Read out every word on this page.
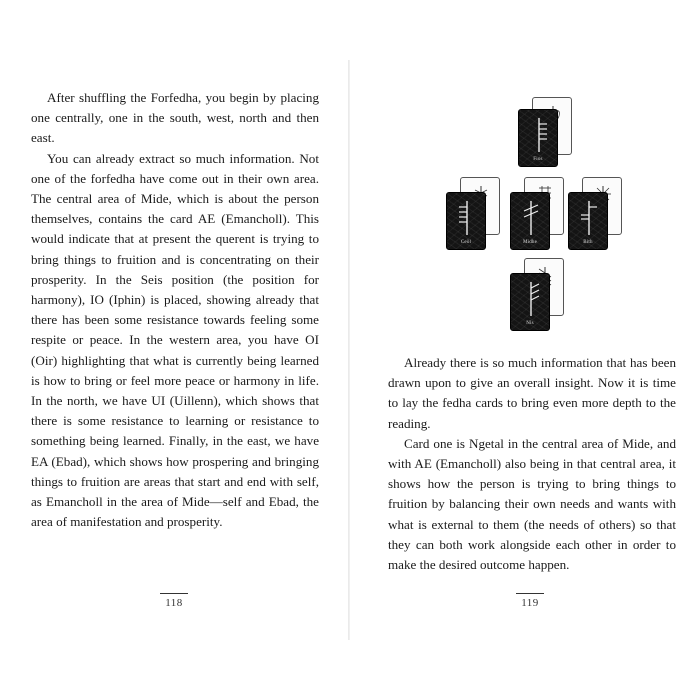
After shuffling the Forfedha, you begin by placing one centrally, one in the south, west, north and then east.

You can already extract so much information. Not one of the forfedha have come out in their own area. The central area of Mide, which is about the person themselves, contains the card AE (Emancholl). This would indicate that at present the querent is trying to bring things to fruition and is concentrating on their prosperity. In the Seis position (the position for harmony), IO (Iphin) is placed, showing already that there has been some resistance towards feeling some respite or peace. In the western area, you have OI (Oir) highlighting that what is currently being learned is how to bring or feel more peace or harmony in life. In the north, we have UI (Uillenn), which shows that there is some resistance to learning or resistance to something being learned. Finally, in the east, we have EA (Ebad), which shows how prospering and bringing things to fruition are areas that start and end with self, as Emancholl in the area of Mide—self and Ebad, the area of manifestation and prosperity.

118
Fios
Ceòl	Mìdhe	Bith
Nìs

Already there is so much information that has been drawn upon to give an overall insight. Now it is time to lay the fedha cards to bring even more depth to the reading.

Card one is Ngetal in the central area of Mide, and with AE (Emancholl) also being in that central area, it shows how the person is trying to bring things to fruition by balancing their own needs and wants with what is external to them (the needs of others) so that they can both work alongside each other in order to make the desired outcome happen.

119
